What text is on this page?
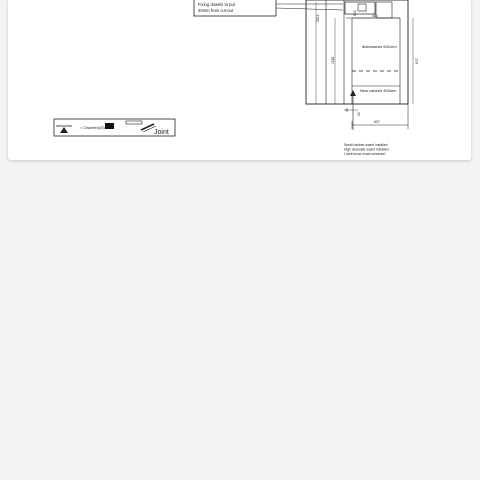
Fixing dowels to put
40mm from cut-out
400
dishwasher 601mm
New cabinet 400mm
2612
1186
602
607
20
40
607
Small cabinet wasnt installed
High deckside wasnt installed
I dont know exact measure!
= Chamfer(25)
Joint
